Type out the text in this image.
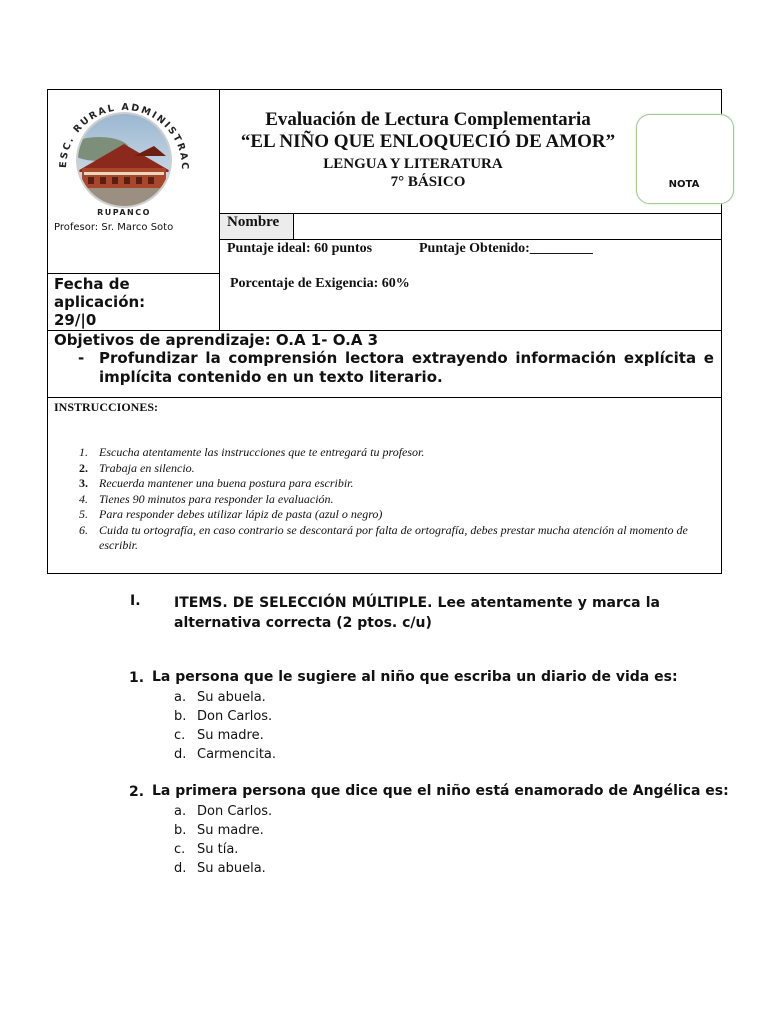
ESC. RURAL ADMINISTRAC
RUPANCO
Profesor: Sr. Marco Soto
Evaluación de Lectura Complementaria
“EL NIÑO QUE ENLOQUECIÓ DE AMOR”
LENGUA Y LITERATURA
7° BÁSICO	NOTA
Nombre
Puntaje ideal: 60 puntos	Puntaje Obtenido:_________
Fecha de
aplicación:
29/|0
Porcentaje de Exigencia: 60%
Objetivos de aprendizaje: O.A 1- O.A 3
- Profundizar la comprensión lectora extrayendo información explícita e implícita contenido en un texto literario.
INSTRUCCIONES:
1. Escucha atentamente las instrucciones que te entregará tu profesor.
2. Trabaja en silencio.
3. Recuerda mantener una buena postura para escribir.
4. Tienes 90 minutos para responder la evaluación.
5. Para responder debes utilizar lápiz de pasta (azul o negro)
6. Cuida tu ortografía, en caso contrario se descontará por falta de ortografía, debes prestar mucha atención al momento de escribir.
I. ITEMS. DE SELECCIÓN MÚLTIPLE. Lee atentamente y marca la alternativa correcta (2 ptos. c/u)
1. La persona que le sugiere al niño que escriba un diario de vida es:
a. Su abuela.
b. Don Carlos.
c. Su madre.
d. Carmencita.
2. La primera persona que dice que el niño está enamorado de Angélica es:
a. Don Carlos.
b. Su madre.
c. Su tía.
d. Su abuela.
